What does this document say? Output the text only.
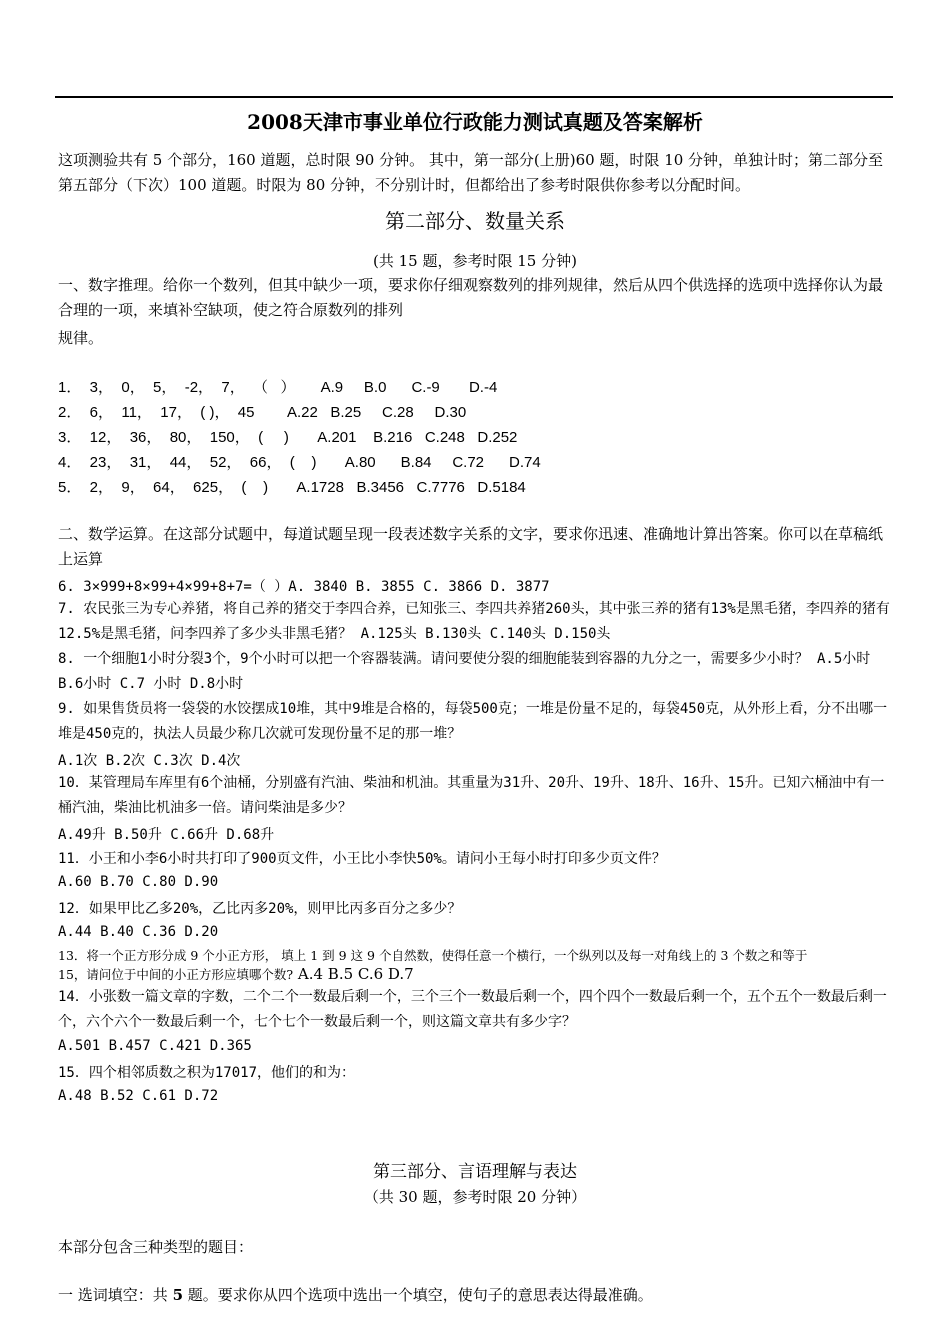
2008天津市事业单位行政能力测试真题及答案解析
这项测验共有 5 个部分，160 道题，总时限 90 分钟。 其中，第一部分(上册)60 题，时限 10 分钟，单独计时；第二部分至第五部分（下次）100 道题。时限为 80 分钟，不分别计时，但都给出了参考时限供你参考以分配时间。
第二部分、数量关系
(共 15 题，参考时限 15 分钟)
一、数字推理。给你一个数列，但其中缺少一项，要求你仔细观察数列的排列规律，然后从四个供选择的选项中选择你认为最合理的一项，来填补空缺项，使之符合原数列的排列
规律。
1．  3，  0，  5，  -2，  7，  （   ）      A.9     B.0      C.-9       D.-4
2．  6，  11，  17，  ( )，  45        A.22   B.25     C.28     D.30
3．  12，  36，  80，  150，  (     )       A.201    B.216   C.248   D.252
4．  23，  31，  44，  52，  66，  (    )       A.80      B.84     C.72      D.74
5．  2，  9，  64，  625，  (    )       A.1728   B.3456   C.7776   D.5184
二、数学运算。在这部分试题中，每道试题呈现一段表述数字关系的文字，要求你迅速、准确地计算出答案。你可以在草稿纸上运算
6. 3×999+8×99+4×99+8+7=（ ）A. 3840 B. 3855 C. 3866 D. 3877
7. 农民张三为专心养猪，将自己养的猪交于李四合养，已知张三、李四共养猪260头，其中张三养的猪有13%是黑毛猪，李四养的猪有12.5%是黑毛猪，问李四养了多少头非黑毛猪？ A.125头 B.130头 C.140头 D.150头
8. 一个细胞1小时分裂3个，9个小时可以把一个容器装满。请问要使分裂的细胞能装到容器的九分之一，需要多少小时？ A.5小时 B.6小时 C.7 小时 D.8小时
9. 如果售货员将一袋袋的水饺摆成10堆，其中9堆是合格的，每袋500克；一堆是份量不足的，每袋450克，从外形上看，分不出哪一堆是450克的，执法人员最少称几次就可发现份量不足的那一堆？
A.1次 B.2次 C.3次 D.4次
10．某管理局车库里有6个油桶，分别盛有汽油、柴油和机油。其重量为31升、20升、19升、18升、16升、15升。已知六桶油中有一桶汽油，柴油比机油多一倍。请问柴油是多少？
A.49升 B.50升 C.66升 D.68升
11．小王和小李6小时共打印了900页文件，小王比小李快50%。请问小王每小时打印多少页文件？
A.60 B.70 C.80 D.90
12．如果甲比乙多20%，乙比丙多20%，则甲比丙多百分之多少？
A.44 B.40 C.36 D.20
13．将一个正方形分成 9 个小正方形， 填上 1 到 9 这 9 个自然数，使得任意一个横行，一个纵列以及每一对角线上的 3 个数之和等于
15，请问位于中间的小正方形应填哪个数? A.4 B.5 C.6 D.7
14．小张数一篇文章的字数，二个二个一数最后剩一个，三个三个一数最后剩一个，四个四个一数最后剩一个，五个五个一数最后剩一个，六个六个一数最后剩一个，七个七个一数最后剩一个，则这篇文章共有多少字？
A.501 B.457 C.421 D.365
15．四个相邻质数之积为17017，他们的和为：
A.48 B.52 C.61 D.72
第三部分、言语理解与表达
（共 30 题，参考时限 20 分钟）
本部分包含三种类型的题目：
一 选词填空：共 5 题。要求你从四个选项中选出一个填空，使句子的意思表达得最准确。
